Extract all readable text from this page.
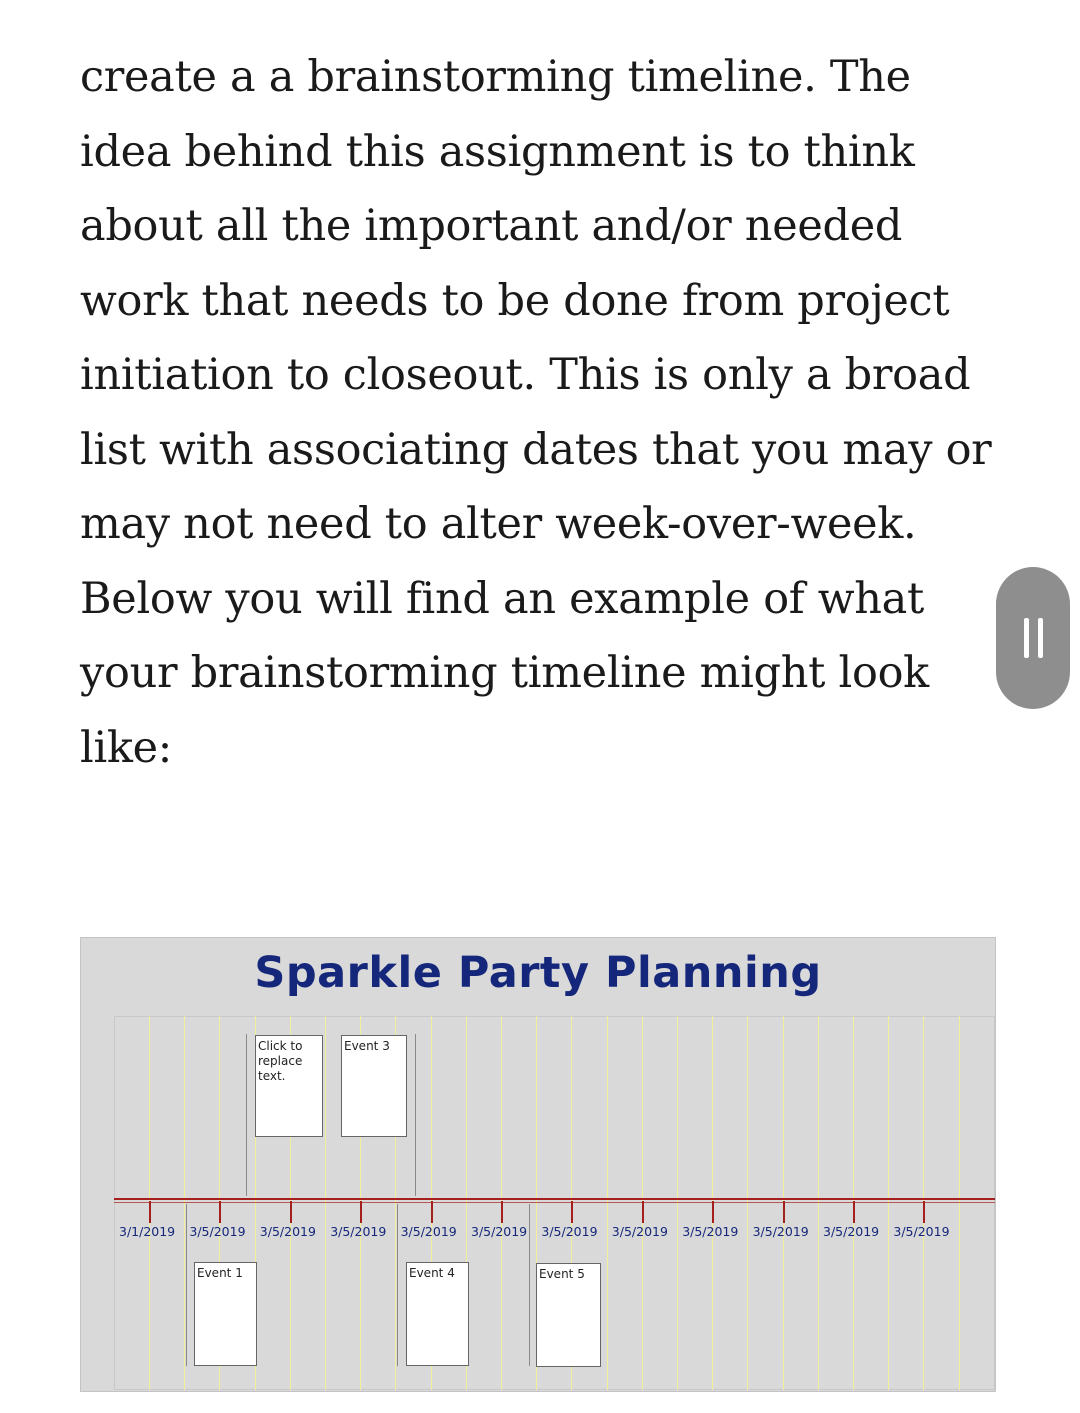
create a a brainstorming timeline. The
idea behind this assignment is to think
about all the important and/or needed
work that needs to be done from project
initiation to closeout. This is only a broad
list with associating dates that you may or
may not need to alter week-over-week.
Below you will find an example of what
your brainstorming timeline might look
like:
Sparkle Party Planning
Click to replace text.
Event 3
Event 1	Event 4	Event 5
3/1/2019 3/5/2019 3/5/2019 3/5/2019 3/5/2019 3/5/2019 3/5/2019 3/5/2019 3/5/2019 3/5/2019 3/5/2019 3/5/2019
